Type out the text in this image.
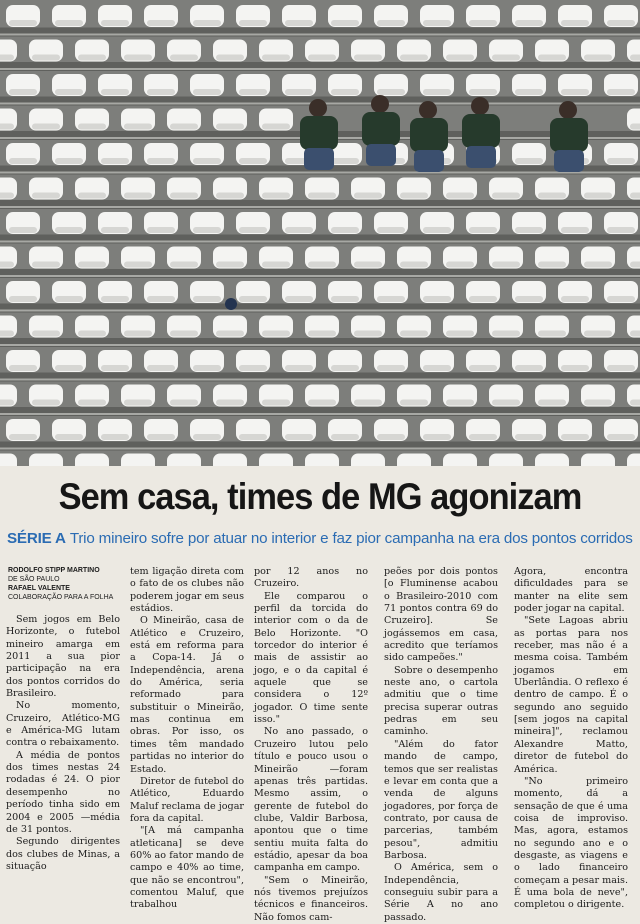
Sem casa, times de MG agonizam
SÉRIE A Trio mineiro sofre por atuar no interior e faz pior campanha na era dos pontos corridos
RODOLFO STIPP MARTINO
DE SÃO PAULO
RAFAEL VALENTE
COLABORAÇÃO PARA A FOLHA

Sem jogos em Belo Horizonte, o futebol mineiro amarga em 2011 a sua pior participação na era dos pontos corridos do Brasileiro.

No momento, Cruzeiro, Atlético-MG e América-MG lutam contra o rebaixamento.

A média de pontos dos times nestas 24 rodadas é 24. O pior desempenho no período tinha sido em 2004 e 2005 —média de 31 pontos.

Segundo dirigentes dos clubes de Minas, a situação

tem ligação direta com o fato de os clubes não poderem jogar em seus estádios.

O Mineirão, casa de Atlético e Cruzeiro, está em reforma para a Copa-14. Já o Independência, arena do América, seria reformado para substituir o Mineirão, mas continua em obras. Por isso, os times têm mandado partidas no interior do Estado.

Diretor de futebol do Atlético, Eduardo Maluf reclama de jogar fora da capital.

"[A má campanha atleticana] se deve 60% ao fator mando de campo e 40% ao time, que não se encontrou", comentou Maluf, que trabalhou

por 12 anos no Cruzeiro.

Ele comparou o perfil da torcida do interior com o da de Belo Horizonte. "O torcedor do interior é mais de assistir ao jogo, e o da capital é aquele que se considera o 12º jogador. O time sente isso."

No ano passado, o Cruzeiro lutou pelo título e pouco usou o Mineirão —foram apenas três partidas. Mesmo assim, o gerente de futebol do clube, Valdir Barbosa, apontou que o time sentiu muita falta do estádio, apesar da boa campanha em campo.

"Sem o Mineirão, nós tivemos prejuízos técnicos e financeiros. Não fomos cam-

peões por dois pontos [o Fluminense acabou o Brasileiro-2010 com 71 pontos contra 69 do Cruzeiro]. Se jogássemos em casa, acredito que teríamos sido campeões."

Sobre o desempenho neste ano, o cartola admitiu que o time precisa superar outras pedras em seu caminho.

"Além do fator mando de campo, temos que ser realistas e levar em conta que a venda de alguns jogadores, por força de contrato, por causa de parcerias, também pesou", admitiu Barbosa.

O América, sem o Independência, conseguiu subir para a Série A no ano passado.

Agora, encontra dificuldades para se manter na elite sem poder jogar na capital.

"Sete Lagoas abriu as portas para nos receber, mas não é a mesma coisa. Também jogamos em Uberlândia. O reflexo é dentro de campo. É o segundo ano seguido [sem jogos na capital mineira]", reclamou Alexandre Matto, diretor de futebol do América.

"No primeiro momento, dá a sensação de que é uma coisa de improviso. Mas, agora, estamos no segundo ano e o desgaste, as viagens e o lado financeiro começam a pesar mais. É uma bola de neve", completou o dirigente.
